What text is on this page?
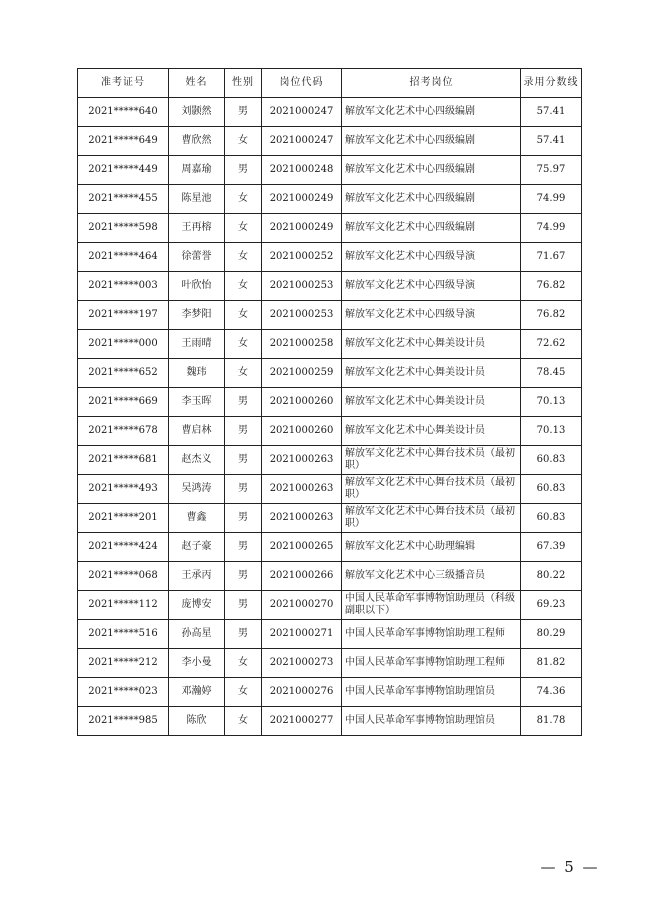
准考证号	姓名	性别	岗位代码	招考岗位	录用分数线
2021*****640	刘颢然	男	2021000247	解放军文化艺术中心四级编剧	57.41
2021*****649	曹欣然	女	2021000247	解放军文化艺术中心四级编剧	57.41
2021*****449	周嘉瑜	男	2021000248	解放军文化艺术中心四级编剧	75.97
2021*****455	陈星池	女	2021000249	解放军文化艺术中心四级编剧	74.99
2021*****598	王再榕	女	2021000249	解放军文化艺术中心四级编剧	74.99
2021*****464	徐蕾誉	女	2021000252	解放军文化艺术中心四级导演	71.67
2021*****003	叶欣怡	女	2021000253	解放军文化艺术中心四级导演	76.82
2021*****197	李梦阳	女	2021000253	解放军文化艺术中心四级导演	76.82
2021*****000	王雨晴	女	2021000258	解放军文化艺术中心舞美设计员	72.62
2021*****652	魏玮	女	2021000259	解放军文化艺术中心舞美设计员	78.45
2021*****669	李玉晖	男	2021000260	解放军文化艺术中心舞美设计员	70.13
2021*****678	曹启林	男	2021000260	解放军文化艺术中心舞美设计员	70.13
2021*****681	赵杰义	男	2021000263	解放军文化艺术中心舞台技术员（最初职）	60.83
2021*****493	吴鸿涛	男	2021000263	解放军文化艺术中心舞台技术员（最初职）	60.83
2021*****201	曹鑫	男	2021000263	解放军文化艺术中心舞台技术员（最初职）	60.83
2021*****424	赵子豪	男	2021000265	解放军文化艺术中心助理编辑	67.39
2021*****068	王承丙	男	2021000266	解放军文化艺术中心三级播音员	80.22
2021*****112	庞博安	男	2021000270	中国人民革命军事博物馆助理员（科级副职以下）	69.23
2021*****516	孙高星	男	2021000271	中国人民革命军事博物馆助理工程师	80.29
2021*****212	李小曼	女	2021000273	中国人民革命军事博物馆助理工程师	81.82
2021*****023	邓瀚婷	女	2021000276	中国人民革命军事博物馆助理馆员	74.36
2021*****985	陈欣	女	2021000277	中国人民革命军事博物馆助理馆员	81.78
— 5 —
